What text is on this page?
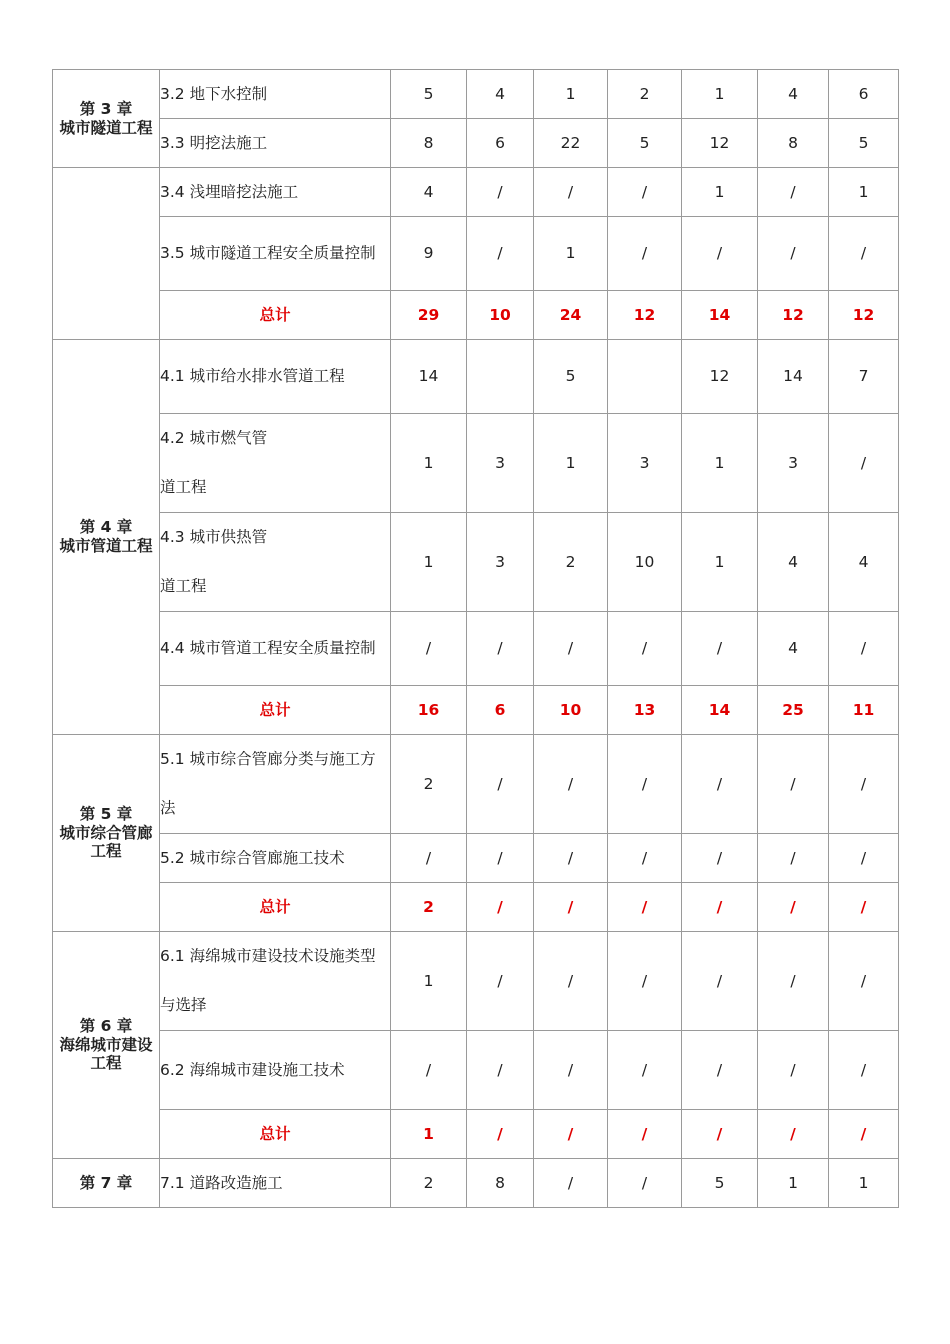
第 3 章
城市隧道工程	3.2 地下水控制	5	4	1	2	1	4	6
	3.3 明挖法施工	8	6	22	5	12	8	5
	3.4 浅埋暗挖法施工	4	/	/	/	1	/	1
	3.5 城市隧道工程安全质量控制	9	/	1	/	/	/	/
	总计	29	10	24	12	14	12	12

第 4 章
城市管道工程	4.1 城市给水排水管道工程	14		5		12	14	7
	4.2 城市燃气管道工程	1	3	1	3	1	3	/
	4.3 城市供热管道工程	1	3	2	10	1	4	4
	4.4 城市管道工程安全质量控制	/	/	/	/	/	4	/
	总计	16	6	10	13	14	25	11

第 5 章
城市综合管廊
工程	5.1 城市综合管廊分类与施工方法	2	/	/	/	/	/	/
	5.2 城市综合管廊施工技术	/	/	/	/	/	/	/
	总计	2	/	/	/	/	/	/

第 6 章
海绵城市建设
工程	6.1 海绵城市建设技术设施类型与选择	1	/	/	/	/	/	/
	6.2 海绵城市建设施工技术	/	/	/	/	/	/	/
	总计	1	/	/	/	/	/	/

第 7 章	7.1 道路改造施工	2	8	/	/	5	1	1
